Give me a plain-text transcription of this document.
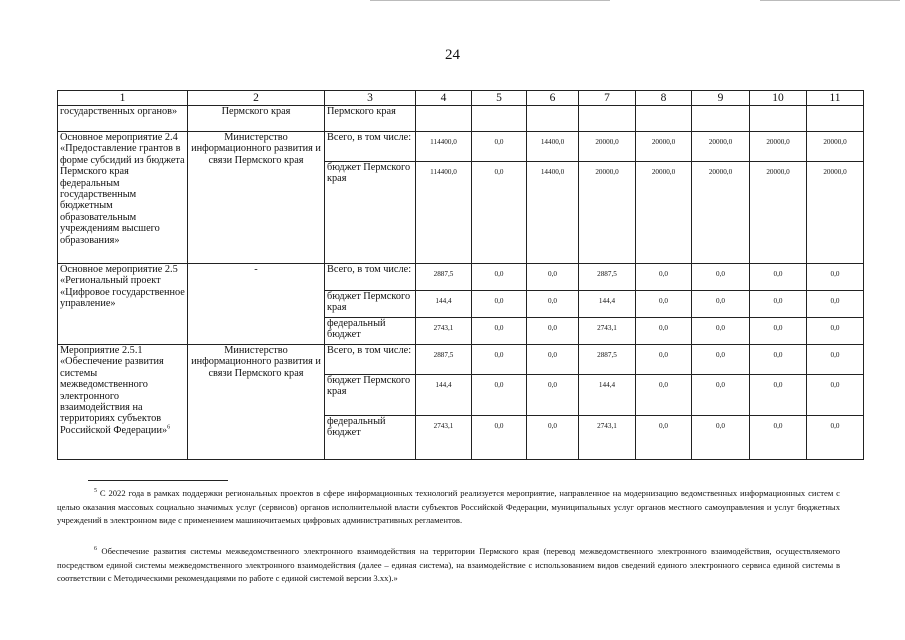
24
1	2	3	4	5	6	7	8	9	10	11
государственных органов»	Пермского края	Пермского края								
Основное мероприятие 2.4 «Предоставление грантов в форме субсидий из бюджета Пермского края федеральным государственным бюджетным образовательным учреждениям высшего образования»	Министерство информационного развития и связи Пермского края	Всего, в том числе:	114400,0	0,0	14400,0	20000,0	20000,0	20000,0	20000,0	20000,0
		бюджет Пермского края	114400,0	0,0	14400,0	20000,0	20000,0	20000,0	20000,0	20000,0
Основное мероприятие 2.5 «Региональный проект «Цифровое государственное управление»	-	Всего, в том числе:	2887,5	0,0	0,0	2887,5	0,0	0,0	0,0	0,0
		бюджет Пермского края	144,4	0,0	0,0	144,4	0,0	0,0	0,0	0,0
		федеральный бюджет	2743,1	0,0	0,0	2743,1	0,0	0,0	0,0	0,0
Мероприятие 2.5.1 «Обеспечение развития системы межведомственного электронного взаимодействия на территориях субъектов Российской Федерации»$^6$	Министерство информационного развития и связи Пермского края	Всего, в том числе:	2887,5	0,0	0,0	2887,5	0,0	0,0	0,0	0,0
		бюджет Пермского края	144,4	0,0	0,0	144,4	0,0	0,0	0,0	0,0
		федеральный бюджет	2743,1	0,0	0,0	2743,1	0,0	0,0	0,0	0,0
$^5$ С 2022 года в рамках поддержки региональных проектов в сфере информационных технологий реализуется мероприятие, направленное на модернизацию ведомственных информационных систем с целью оказания массовых социально значимых услуг (сервисов) органов исполнительной власти субъектов Российской Федерации, муниципальных услуг органов местного самоуправления и услуг бюджетных учреждений в электронном виде с применением машиночитаемых цифровых административных регламентов.
$^6$ Обеспечение развития системы межведомственного электронного взаимодействия на территории Пермского края (перевод межведомственного электронного взаимодействия, осуществляемого посредством единой системы межведомственного электронного взаимодействия (далее – единая система), на взаимодействие с использованием видов сведений единого электронного сервиса единой системы в соответствии с Методическими рекомендациями по работе с единой системой версии 3.хх).»
